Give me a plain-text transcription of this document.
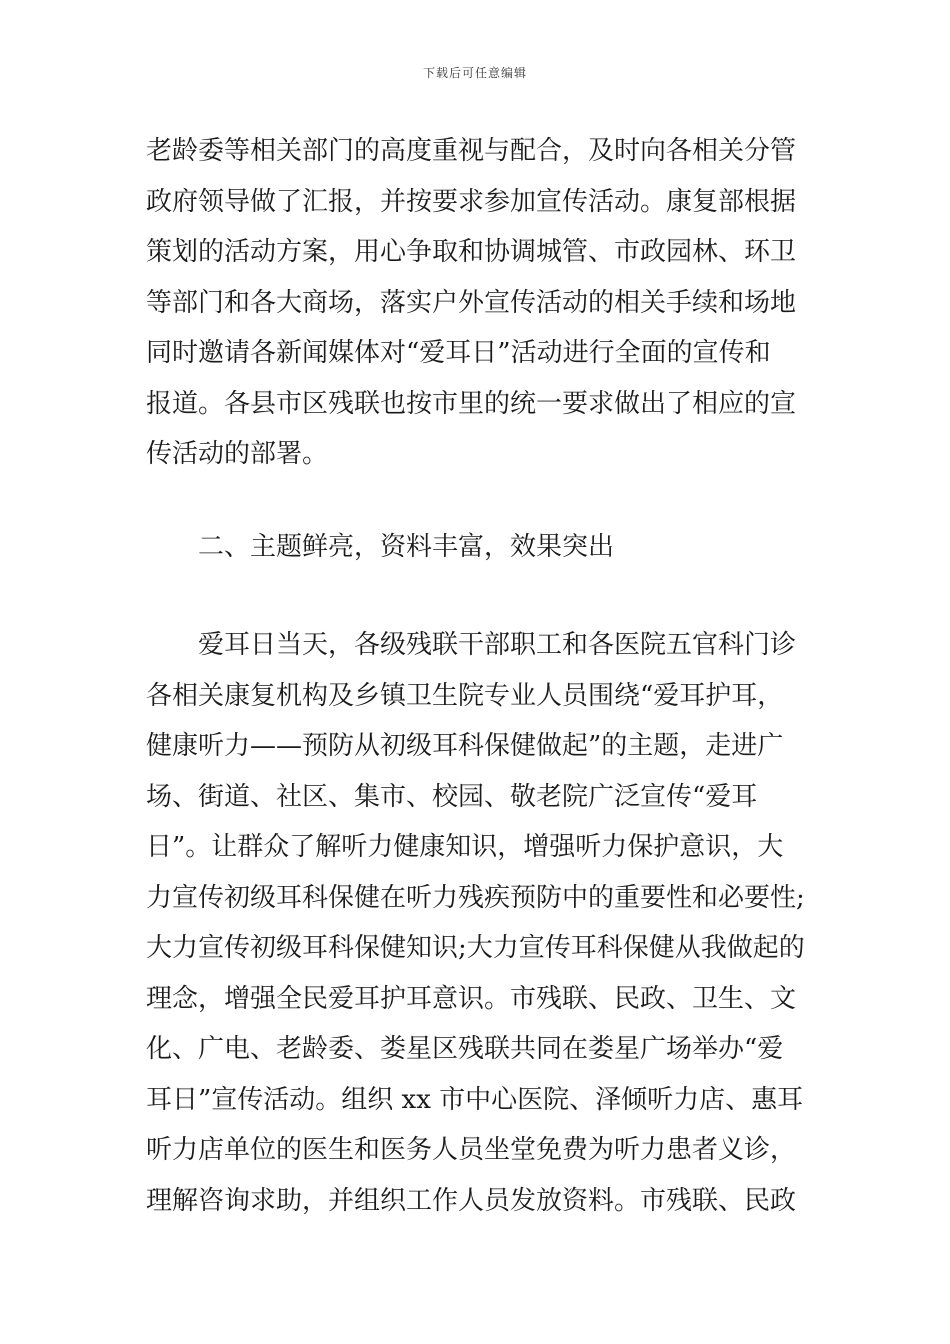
下载后可任意编辑
老龄委等相关部门的高度重视与配合，及时向各相关分管
政府领导做了汇报，并按要求参加宣传活动。康复部根据
策划的活动方案，用心争取和协调城管、市政园林、环卫
等部门和各大商场，落实户外宣传活动的相关手续和场地
同时邀请各新闻媒体对“爱耳日”活动进行全面的宣传和
报道。各县市区残联也按市里的统一要求做出了相应的宣
传活动的部署。
二、主题鲜亮，资料丰富，效果突出
爱耳日当天，各级残联干部职工和各医院五官科门诊
各相关康复机构及乡镇卫生院专业人员围绕“爱耳护耳，
健康听力——预防从初级耳科保健做起”的主题，走进广
场、街道、社区、集市、校园、敬老院广泛宣传“爱耳
日”。让群众了解听力健康知识，增强听力保护意识，大
力宣传初级耳科保健在听力残疾预防中的重要性和必要性;
大力宣传初级耳科保健知识;大力宣传耳科保健从我做起的
理念，增强全民爱耳护耳意识。市残联、民政、卫生、文
化、广电、老龄委、娄星区残联共同在娄星广场举办“爱
耳日”宣传活动。组织 xx 市中心医院、泽倾听力店、惠耳
听力店单位的医生和医务人员坐堂免费为听力患者义诊，
理解咨询求助，并组织工作人员发放资料。市残联、民政
